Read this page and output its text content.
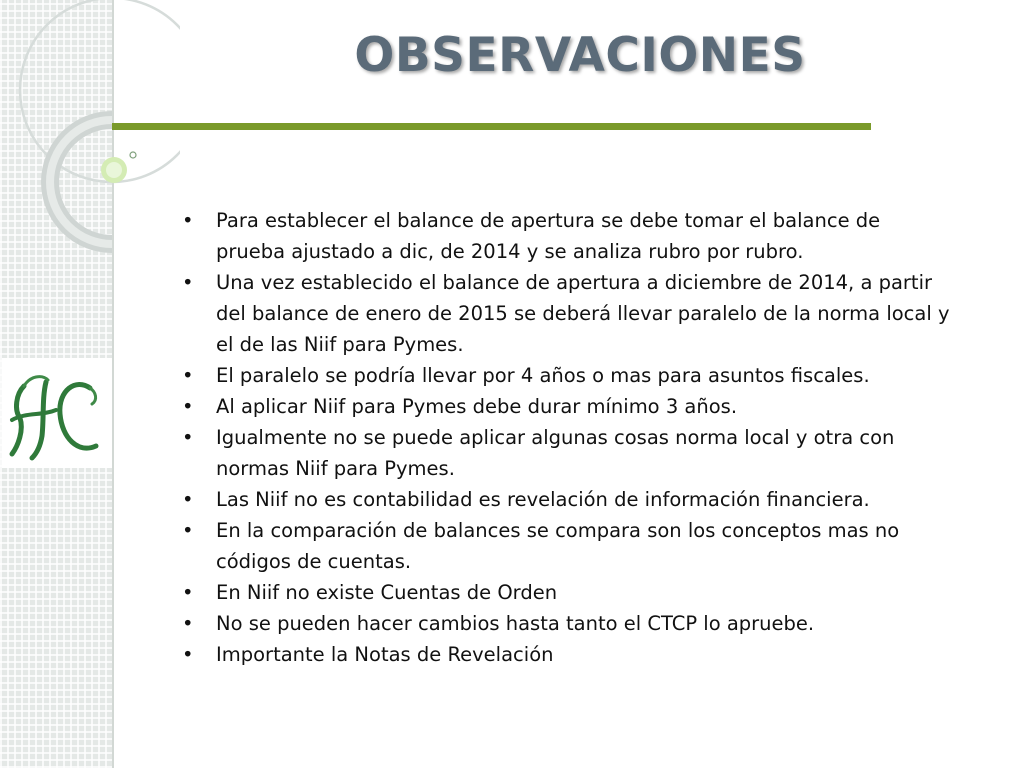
OBSERVACIONES
•	Para establecer el balance de apertura se debe tomar el balance de prueba ajustado a dic, de 2014 y se analiza rubro por rubro.
•	Una vez establecido el balance de apertura a diciembre de 2014, a partir del balance de enero de 2015 se deberá llevar paralelo de la norma local y el de las Niif para Pymes.
•	El paralelo se podría llevar por 4 años o mas para asuntos fiscales.
•	Al aplicar Niif para Pymes debe durar mínimo 3 años.
•	Igualmente no se puede aplicar algunas cosas norma local y otra con normas Niif para Pymes.
•	Las Niif no es contabilidad es revelación de información financiera.
•	En la comparación de balances se compara son los conceptos mas no códigos de cuentas.
•	En Niif no existe Cuentas de Orden
•	No se pueden hacer cambios hasta tanto el CTCP lo apruebe.
•	Importante la Notas de Revelación
